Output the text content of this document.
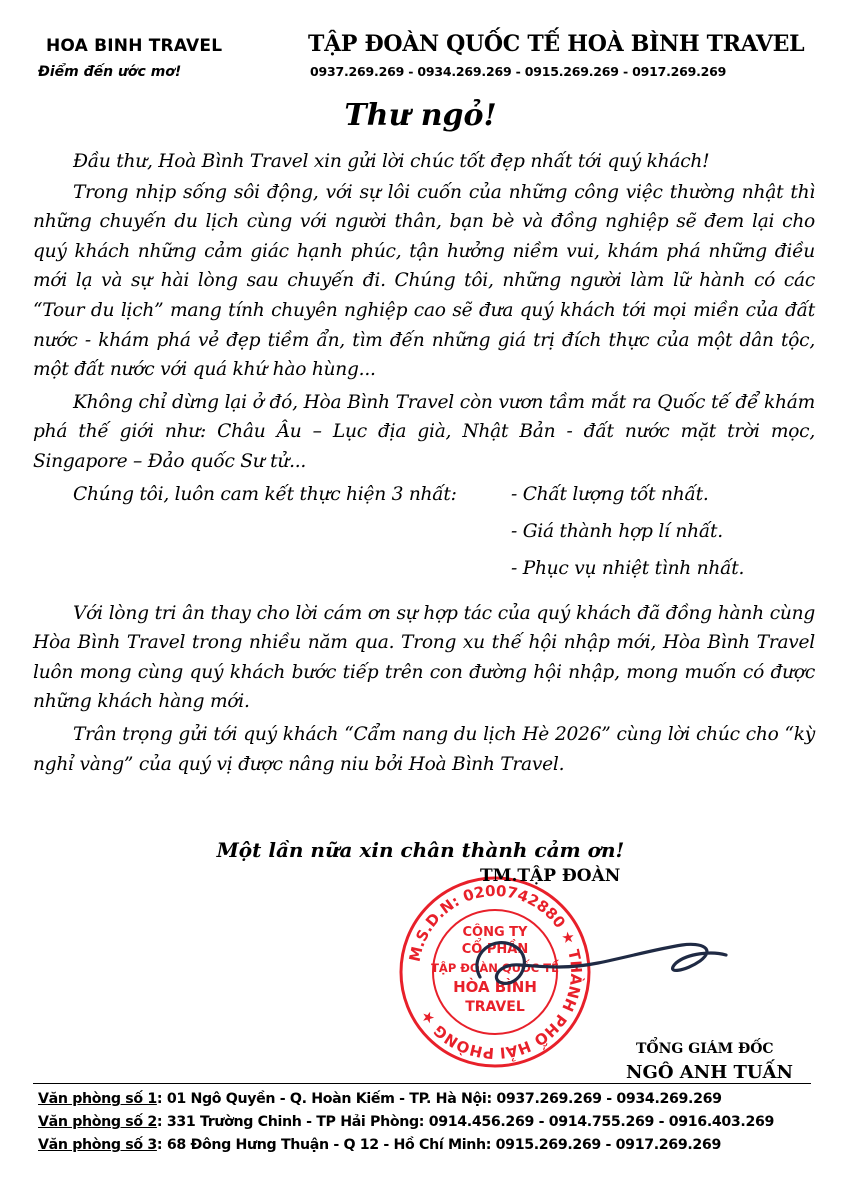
HOA BINH TRAVEL
Điểm đến ước mơ!
TẬP ĐOÀN QUỐC TẾ HOÀ BÌNH TRAVEL
0937.269.269 - 0934.269.269 - 0915.269.269 - 0917.269.269
Thư ngỏ!

Đầu thư, Hoà Bình Travel xin gửi lời chúc tốt đẹp nhất tới quý khách!

Trong nhịp sống sôi động, với sự lôi cuốn của những công việc thường nhật thì những chuyến du lịch cùng với người thân, bạn bè và đồng nghiệp sẽ đem lại cho quý khách những cảm giác hạnh phúc, tận hưởng niềm vui, khám phá những điều mới lạ và sự hài lòng sau chuyến đi. Chúng tôi, những người làm lữ hành có các “Tour du lịch” mang tính chuyên nghiệp cao sẽ đưa quý khách tới mọi miền của đất nước - khám phá vẻ đẹp tiềm ẩn, tìm đến những giá trị đích thực của một dân tộc, một đất nước với quá khứ hào hùng...

Không chỉ dừng lại ở đó, Hòa Bình Travel còn vươn tầm mắt ra Quốc tế để khám phá thế giới như: Châu Âu – Lục địa già, Nhật Bản - đất nước mặt trời mọc, Singapore – Đảo quốc Sư tử...

Chúng tôi, luôn cam kết thực hiện 3 nhất:	- Chất lượng tốt nhất.
- Giá thành hợp lí nhất.
- Phục vụ nhiệt tình nhất.

Với lòng tri ân thay cho lời cám ơn sự hợp tác của quý khách đã đồng hành cùng Hòa Bình Travel trong nhiều năm qua. Trong xu thế hội nhập mới, Hòa Bình Travel luôn mong cùng quý khách bước tiếp trên con đường hội nhập, mong muốn có được những khách hàng mới.

Trân trọng gửi tới quý khách “Cẩm nang du lịch Hè 2026” cùng lời chúc cho “kỳ nghỉ vàng” của quý vị được nâng niu bởi Hoà Bình Travel.

Một lần nữa xin chân thành cảm ơn!
M.S.D.N: 0200742880 ★ THÀNH PHỐ HẢI PHÒNG ★
CÔNG TY
CỔ PHẦN
TẬP ĐOÀN QUỐC TẾ
HÒA BÌNH
TRAVEL
TM.TẬP ĐOÀN
TỔNG GIÁM ĐỐC
NGÔ ANH TUẤN
Văn phòng số 1: 01 Ngô Quyền - Q. Hoàn Kiếm - TP. Hà Nội: 0937.269.269 - 0934.269.269
Văn phòng số 2: 331 Trường Chinh - TP Hải Phòng: 0914.456.269 - 0914.755.269 - 0916.403.269
Văn phòng số 3: 68 Đông Hưng Thuận - Q 12 - Hồ Chí Minh: 0915.269.269 - 0917.269.269
